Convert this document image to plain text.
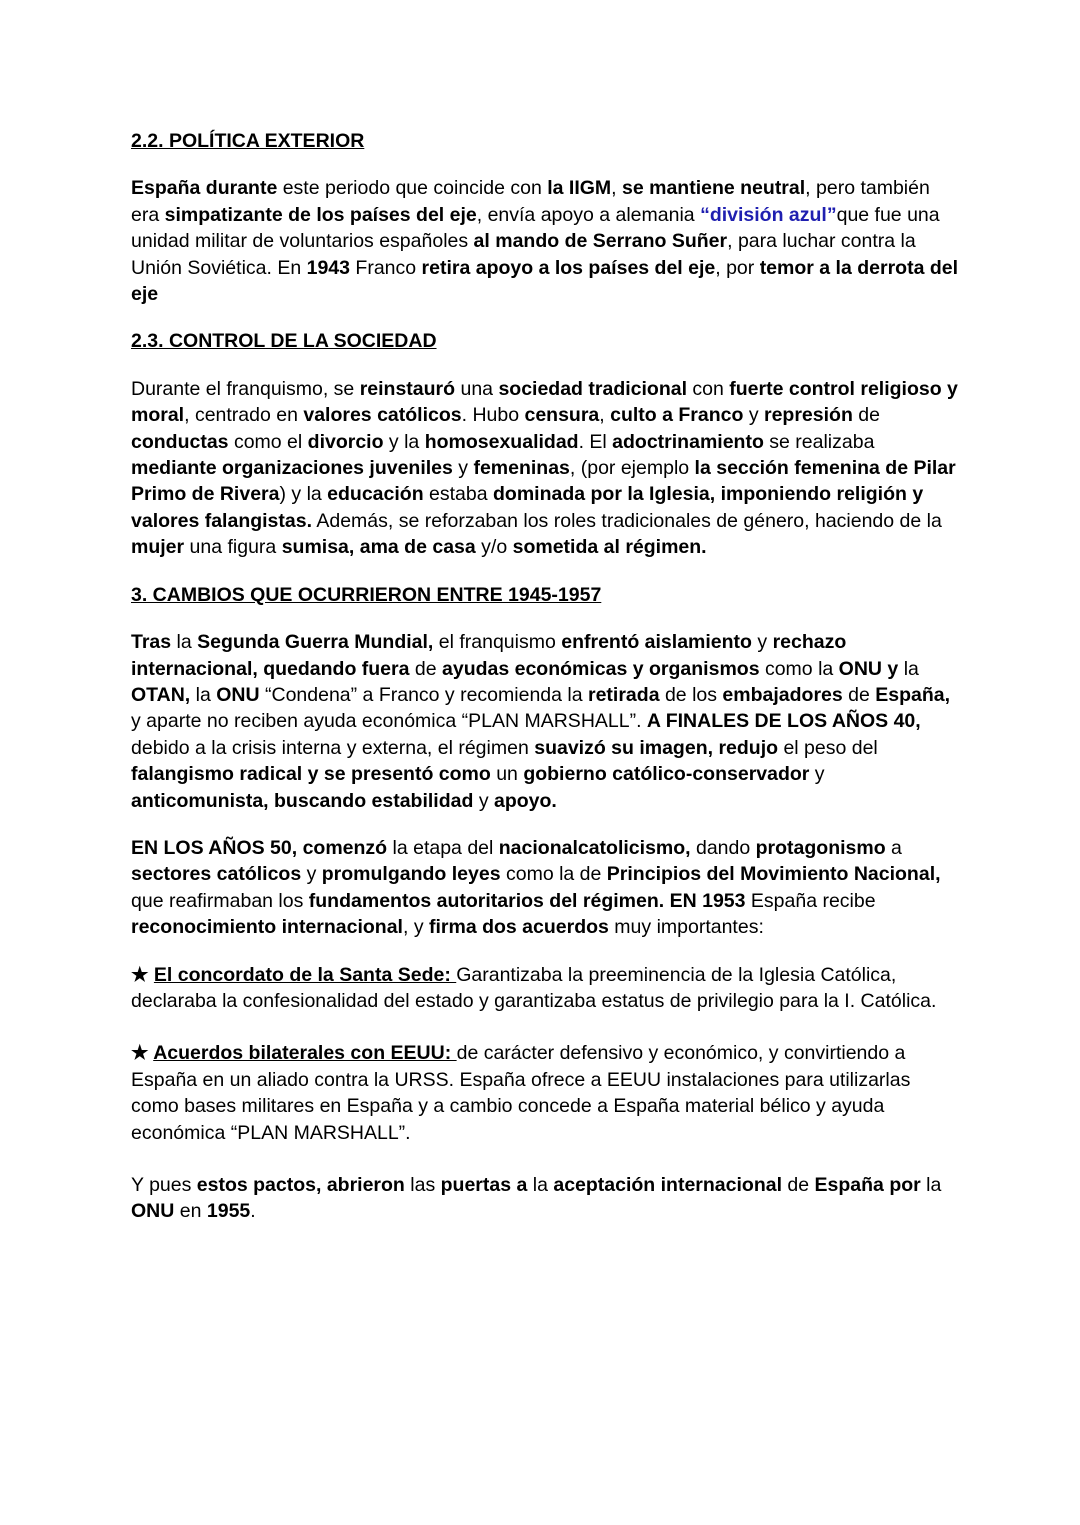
2.2. POLÍTICA EXTERIOR

España durante este periodo que coincide con la IIGM, se mantiene neutral, pero también era simpatizante de los países del eje, envía apoyo a alemania “división azul”que fue una unidad militar de voluntarios españoles al mando de Serrano Suñer, para luchar contra la Unión Soviética. En 1943 Franco retira apoyo a los países del eje, por temor a la derrota del eje

2.3. CONTROL DE LA SOCIEDAD

Durante el franquismo, se reinstauró una sociedad tradicional con fuerte control religioso y moral, centrado en valores católicos. Hubo censura, culto a Franco y represión de conductas como el divorcio y la homosexualidad. El adoctrinamiento se realizaba mediante organizaciones juveniles y femeninas, (por ejemplo la sección femenina de Pilar Primo de Rivera) y la educación estaba dominada por la Iglesia, imponiendo religión y valores falangistas. Además, se reforzaban los roles tradicionales de género, haciendo de la mujer una figura sumisa, ama de casa y/o sometida al régimen.

3. CAMBIOS QUE OCURRIERON ENTRE 1945-1957

Tras la Segunda Guerra Mundial, el franquismo enfrentó aislamiento y rechazo internacional, quedando fuera de ayudas económicas y organismos como la ONU y la OTAN, la ONU “Condena” a Franco y recomienda la retirada de los embajadores de España, y aparte no reciben ayuda económica “PLAN MARSHALL”. A FINALES DE LOS AÑOS 40, debido a la crisis interna y externa, el régimen suavizó su imagen, redujo el peso del falangismo radical y se presentó como un gobierno católico-conservador y anticomunista, buscando estabilidad y apoyo.

EN LOS AÑOS 50, comenzó la etapa del nacionalcatolicismo, dando protagonismo a sectores católicos y promulgando leyes como la de Principios del Movimiento Nacional, que reafirmaban los fundamentos autoritarios del régimen. EN 1953 España recibe reconocimiento internacional, y firma dos acuerdos muy importantes:

★ El concordato de la Santa Sede: Garantizaba la preeminencia de la Iglesia Católica, declaraba la confesionalidad del estado y garantizaba estatus de privilegio para la I. Católica.

★ Acuerdos bilaterales con EEUU: de carácter defensivo y económico, y convirtiendo a España en un aliado contra la URSS. España ofrece a EEUU instalaciones para utilizarlas como bases militares en España y a cambio concede a España material bélico y ayuda económica “PLAN MARSHALL”.

Y pues estos pactos, abrieron las puertas a la aceptación internacional de España por la ONU en 1955.
